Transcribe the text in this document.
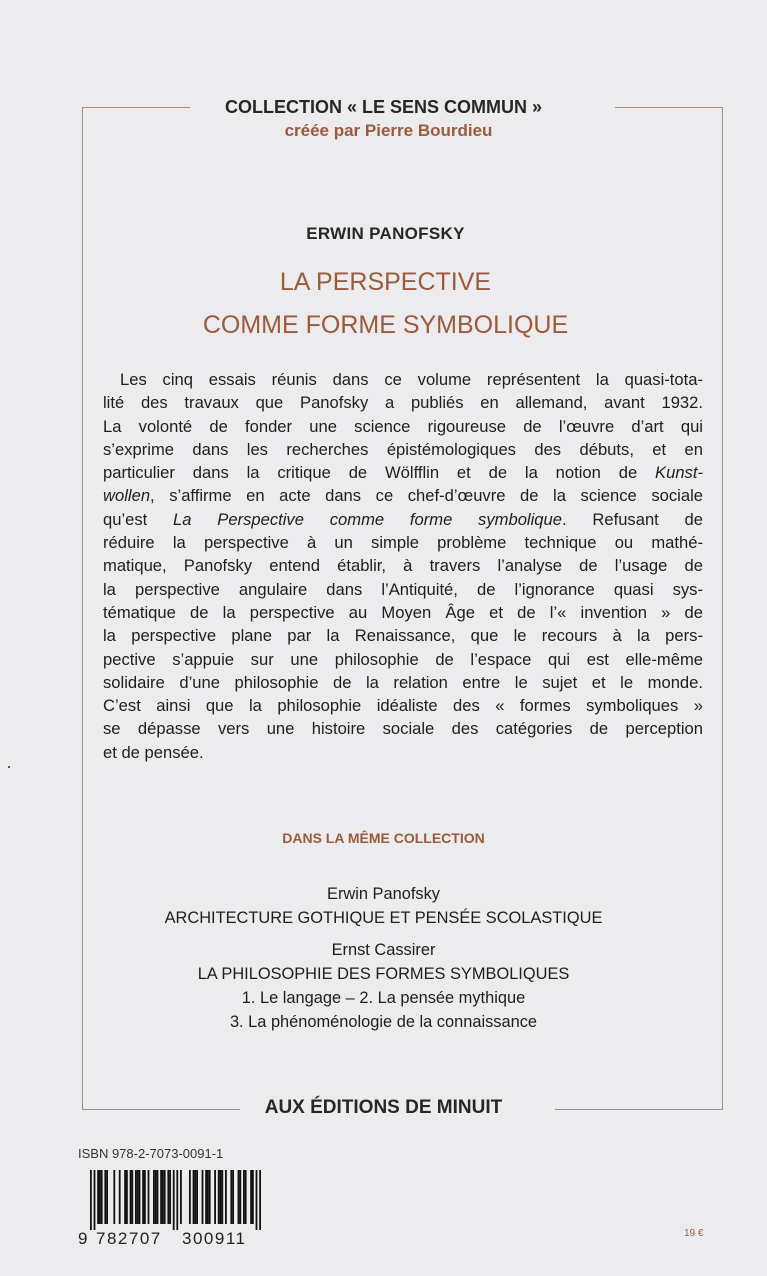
COLLECTION « LE SENS COMMUN »
créée par Pierre Bourdieu
ERWIN PANOFSKY
LA PERSPECTIVE
COMME FORME SYMBOLIQUE
Les cinq essais réunis dans ce volume représentent la quasi-tota-
lité des travaux que Panofsky a publiés en allemand, avant 1932.
La volonté de fonder une science rigoureuse de l’œuvre d’art qui
s’exprime dans les recherches épistémologiques des débuts, et en
particulier dans la critique de Wölfflin et de la notion de Kunst-
wollen, s’affirme en acte dans ce chef-d’œuvre de la science sociale
qu’est La Perspective comme forme symbolique. Refusant de
réduire la perspective à un simple problème technique ou mathé-
matique, Panofsky entend établir, à travers l’analyse de l’usage de
la perspective angulaire dans l’Antiquité, de l’ignorance quasi sys-
tématique de la perspective au Moyen Âge et de l’« invention » de
la perspective plane par la Renaissance, que le recours à la pers-
pective s’appuie sur une philosophie de l’espace qui est elle-même
solidaire d’une philosophie de la relation entre le sujet et le monde.
C’est ainsi que la philosophie idéaliste des « formes symboliques »
se dépasse vers une histoire sociale des catégories de perception
et de pensée.
DANS LA MÊME COLLECTION
Erwin Panofsky
ARCHITECTURE GOTHIQUE ET PENSÉE SCOLASTIQUE
Ernst Cassirer
LA PHILOSOPHIE DES FORMES SYMBOLIQUES
1. Le langage – 2. La pensée mythique
3. La phénoménologie de la connaissance
AUX ÉDITIONS DE MINUIT
ISBN 978-2-7073-0091-1
9 782707 300911	19 €
